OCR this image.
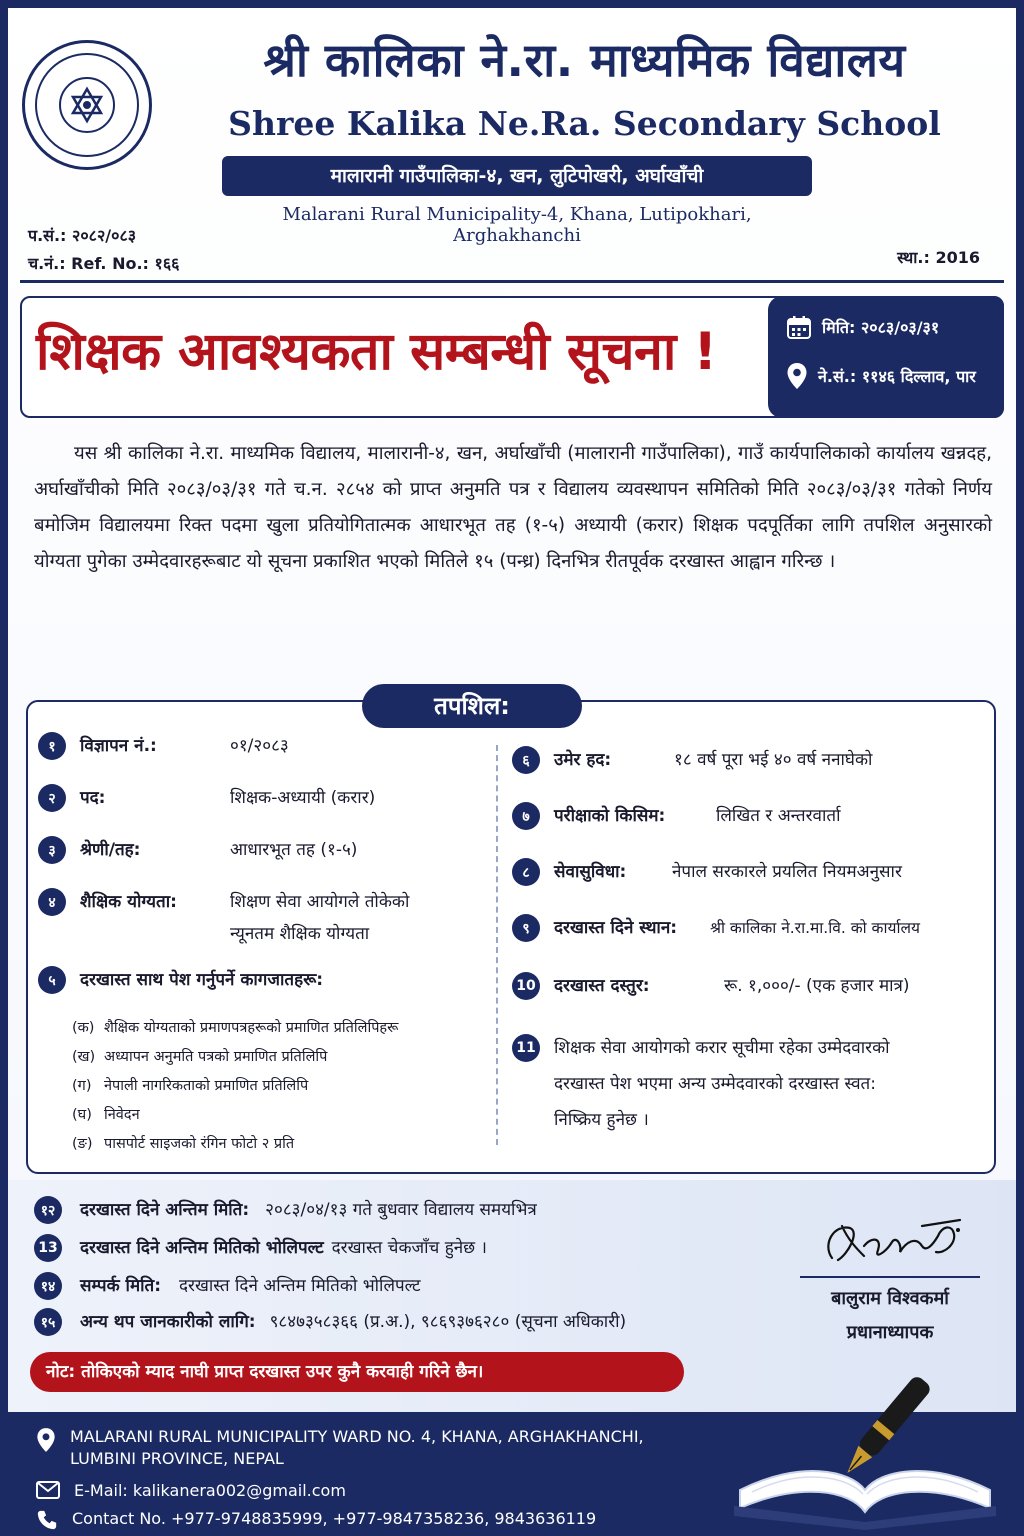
श्री कालिका ने.रा. माध्यमिक विद्यालय
Shree Kalika Ne.Ra. Secondary School
मालारानी गाउँपालिका-४, खन, लुटिपोखरी, अर्घाखाँची
Malarani Rural Municipality-4, Khana, Lutipokhari, Arghakhanchi
प.सं.: २०८२/०८३
च.नं.: Ref. No.: १६६	स्था.: 2016
शिक्षक आवश्यकता सम्बन्धी सूचना !	मिति: २०८३/०३/३१
ने.सं.: ११४६ दिल्लाव, पार
यस श्री कालिका ने.रा. माध्यमिक विद्यालय, मालारानी-४, खन, अर्घाखाँची (मालारानी गाउँपालिका), गाउँ कार्यपालिकाको कार्यालय खन्नदह, अर्घाखाँचीको मिति २०८३/०३/३१ गते च.न. २८५४ को प्राप्त अनुमति पत्र र विद्यालय व्यवस्थापन समितिको मिति २०८३/०३/३१ गतेको निर्णय बमोजिम विद्यालयमा रिक्त पदमा खुला प्रतियोगितात्मक आधारभूत तह (१-५) अध्यायी (करार) शिक्षक पदपूर्तिका लागि तपशिल अनुसारको योग्यता पुगेका उम्मेदवारहरूबाट यो सूचना प्रकाशित भएको मितिले १५ (पन्ध्र) दिनभित्र रीतपूर्वक दरखास्त आह्वान गरिन्छ ।
तपशिल:
१	विज्ञापन नं.:	०१/२०८३
२	पद:	शिक्षक-अध्यायी (करार)
३	श्रेणी/तह:	आधारभूत तह (१-५)
४	शैक्षिक योग्यता:	शिक्षण सेवा आयोगले तोकेको
न्यूनतम शैक्षिक योग्यता
५	दरखास्त साथ पेश गर्नुपर्ने कागजातहरू:
(क) शैक्षिक योग्यताको प्रमाणपत्रहरूको प्रमाणित प्रतिलिपिहरू
(ख) अध्यापन अनुमति पत्रको प्रमाणित प्रतिलिपि
(ग) नेपाली नागरिकताको प्रमाणित प्रतिलिपि
(घ) निवेदन
(ङ) पासपोर्ट साइजको रंगिन फोटो २ प्रति
६	उमेर हद:	१८ वर्ष पूरा भई ४० वर्ष ननाघेको
७	परीक्षाको किसिम:	लिखित र अन्तरवार्ता
८	सेवासुविधा:	नेपाल सरकारले प्रयलित नियमअनुसार
९	दरखास्त दिने स्थान:	श्री कालिका ने.रा.मा.वि. को कार्यालय
10 दरखास्त दस्तुर:	रू. १,०००/- (एक हजार मात्र)
11 शिक्षक सेवा आयोगको करार सूचीमा रहेका उम्मेदवारको
दरखास्त पेश भएमा अन्य उम्मेदवारको दरखास्त स्वत:
निष्क्रिय हुनेछ ।
१२	दरखास्त दिने अन्तिम मिति: २०८३/०४/१३ गते बुधवार विद्यालय समयभित्र
13 दरखास्त दिने अन्तिम मितिको भोलिपल्ट दरखास्त चेकजाँच हुनेछ ।
१४	सम्पर्क मिति: दरखास्त दिने अन्तिम मितिको भोलिपल्ट
१५	अन्य थप जानकारीको लागि: ९८४७३५८३६६ (प्र.अ.), ९८६९३७६२८० (सूचना अधिकारी)
बालुराम विश्वकर्मा
प्रधानाध्यापक
नोट: तोकिएको म्याद नाघी प्राप्त दरखास्त उपर कुनै करवाही गरिने छैन।
MALARANI RURAL MUNICIPALITY WARD NO. 4, KHANA, ARGHAKHANCHI,
LUMBINI PROVINCE, NEPAL
E-Mail: kalikanera002@gmail.com
Contact No. +977-9748835999, +977-9847358236, 9843636119
